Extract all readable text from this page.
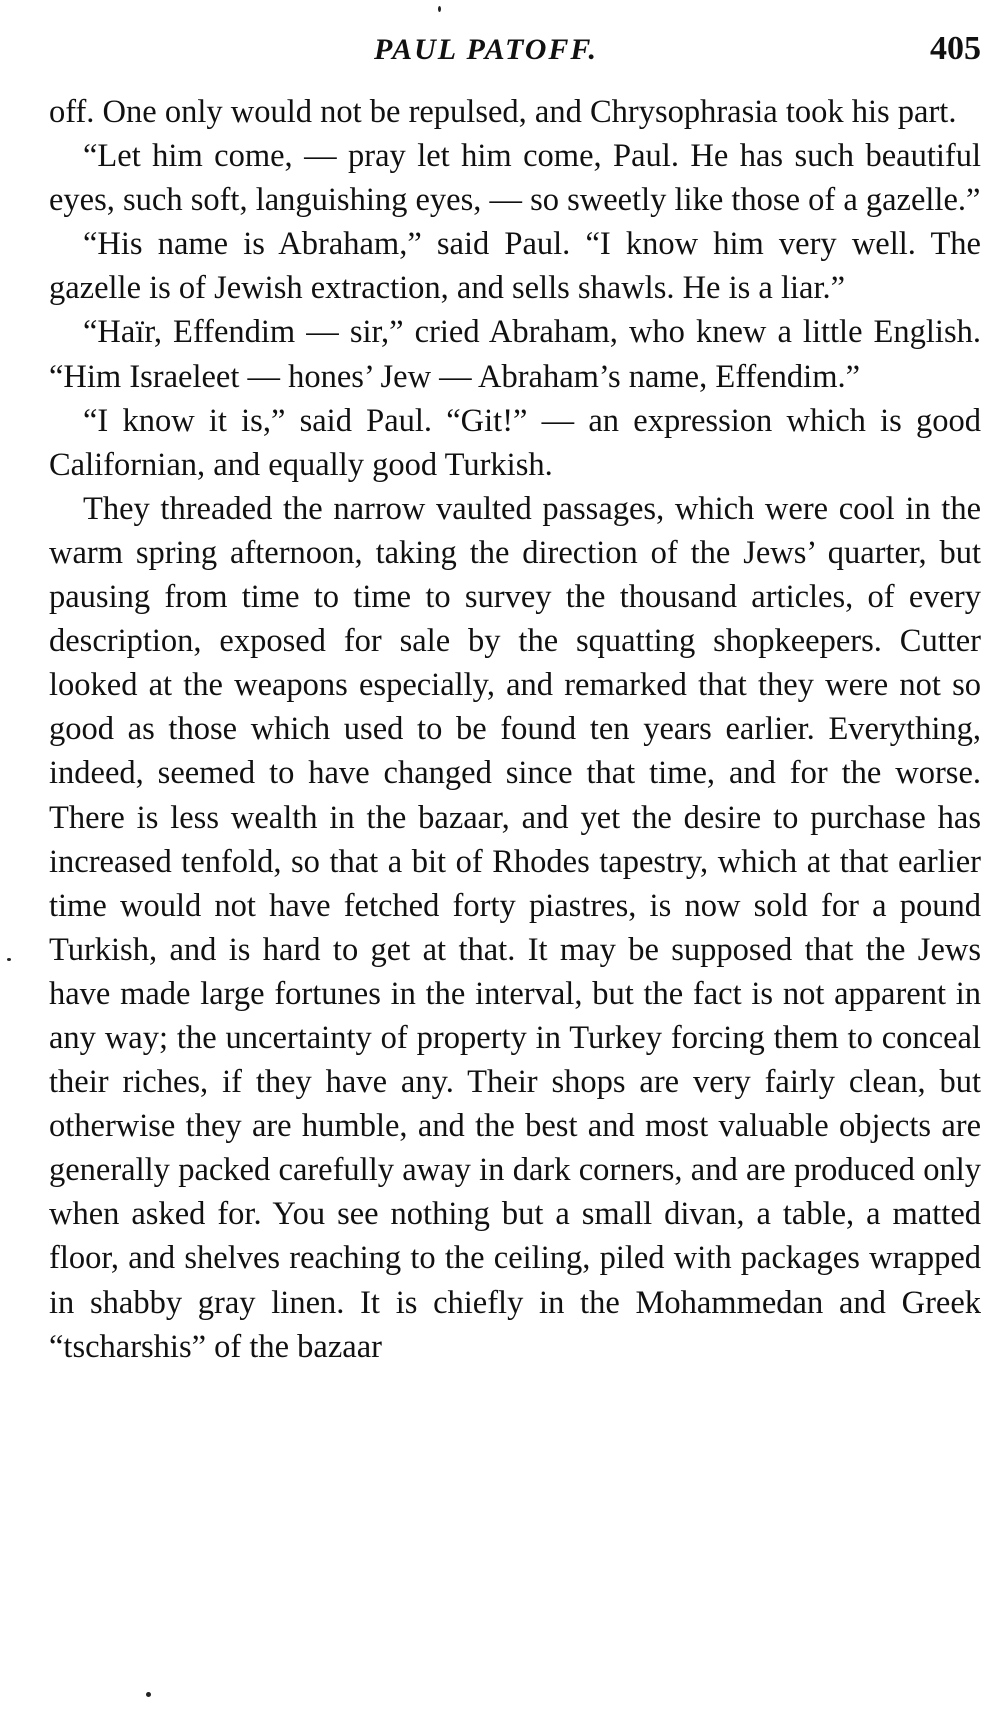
PAUL PATOFF.	405

off. One only would not be repulsed, and Chrysophrasia took his part.

“Let him come, — pray let him come, Paul. He has such beautiful eyes, such soft, languishing eyes, — so sweetly like those of a gazelle.”

“His name is Abraham,” said Paul. “I know him very well. The gazelle is of Jewish extraction, and sells shawls. He is a liar.”

“Haïr, Effendim — sir,” cried Abraham, who knew a little English. “Him Israeleet — hones’ Jew — Abraham’s name, Effendim.”

“I know it is,” said Paul. “Git!” — an expression which is good Californian, and equally good Turkish.

They threaded the narrow vaulted passages, which were cool in the warm spring afternoon, taking the direction of the Jews’ quarter, but pausing from time to time to survey the thousand articles, of every description, exposed for sale by the squatting shopkeepers. Cutter looked at the weapons especially, and remarked that they were not so good as those which used to be found ten years earlier. Everything, indeed, seemed to have changed since that time, and for the worse. There is less wealth in the bazaar, and yet the desire to purchase has increased tenfold, so that a bit of Rhodes tapestry, which at that earlier time would not have fetched forty piastres, is now sold for a pound Turkish, and is hard to get at that. It may be supposed that the Jews have made large fortunes in the interval, but the fact is not apparent in any way; the uncertainty of property in Turkey forcing them to conceal their riches, if they have any. Their shops are very fairly clean, but otherwise they are humble, and the best and most valuable objects are generally packed carefully away in dark corners, and are produced only when asked for. You see nothing but a small divan, a table, a matted floor, and shelves reaching to the ceiling, piled with packages wrapped in shabby gray linen. It is chiefly in the Mohammedan and Greek “tscharshis” of the bazaar
